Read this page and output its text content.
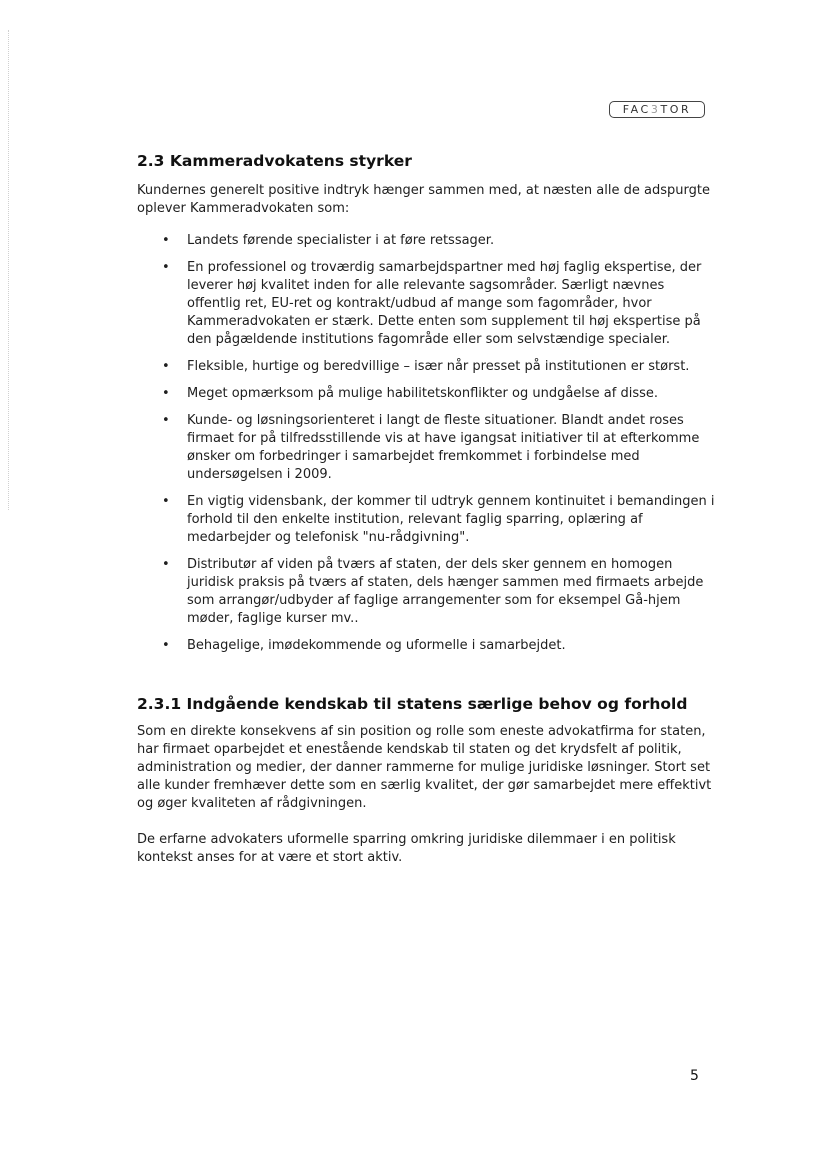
FAC3TOR
2.3 Kammeradvokatens styrker

Kundernes generelt positive indtryk hænger sammen med, at næsten alle de adspurgte oplever Kammeradvokaten som:

• Landets førende specialister i at føre retssager.
• En professionel og troværdig samarbejdspartner med høj faglig ekspertise, der leverer høj kvalitet inden for alle relevante sagsområder. Særligt nævnes offentlig ret, EU-ret og kontrakt/udbud af mange som fagområder, hvor Kammeradvokaten er stærk. Dette enten som supplement til høj ekspertise på den pågældende institutions fagområde eller som selvstændige specialer.
• Fleksible, hurtige og beredvillige – især når presset på institutionen er størst.
• Meget opmærksom på mulige habilitetskonflikter og undgåelse af disse.
• Kunde- og løsningsorienteret i langt de fleste situationer. Blandt andet roses firmaet for på tilfredsstillende vis at have igangsat initiativer til at efterkomme ønsker om forbedringer i samarbejdet fremkommet i forbindelse med undersøgelsen i 2009.
• En vigtig vidensbank, der kommer til udtryk gennem kontinuitet i bemandingen i forhold til den enkelte institution, relevant faglig sparring, oplæring af medarbejder og telefonisk "nu-rådgivning".
• Distributør af viden på tværs af staten, der dels sker gennem en homogen juridisk praksis på tværs af staten, dels hænger sammen med firmaets arbejde som arrangør/udbyder af faglige arrangementer som for eksempel Gå-hjem møder, faglige kurser mv..
• Behagelige, imødekommende og uformelle i samarbejdet.
2.3.1 Indgående kendskab til statens særlige behov og forhold

Som en direkte konsekvens af sin position og rolle som eneste advokatfirma for staten, har firmaet oparbejdet et enestående kendskab til staten og det krydsfelt af politik, administration og medier, der danner rammerne for mulige juridiske løsninger. Stort set alle kunder fremhæver dette som en særlig kvalitet, der gør samarbejdet mere effektivt og øger kvaliteten af rådgivningen.

De erfarne advokaters uformelle sparring omkring juridiske dilemmaer i en politisk kontekst anses for at være et stort aktiv.

5
